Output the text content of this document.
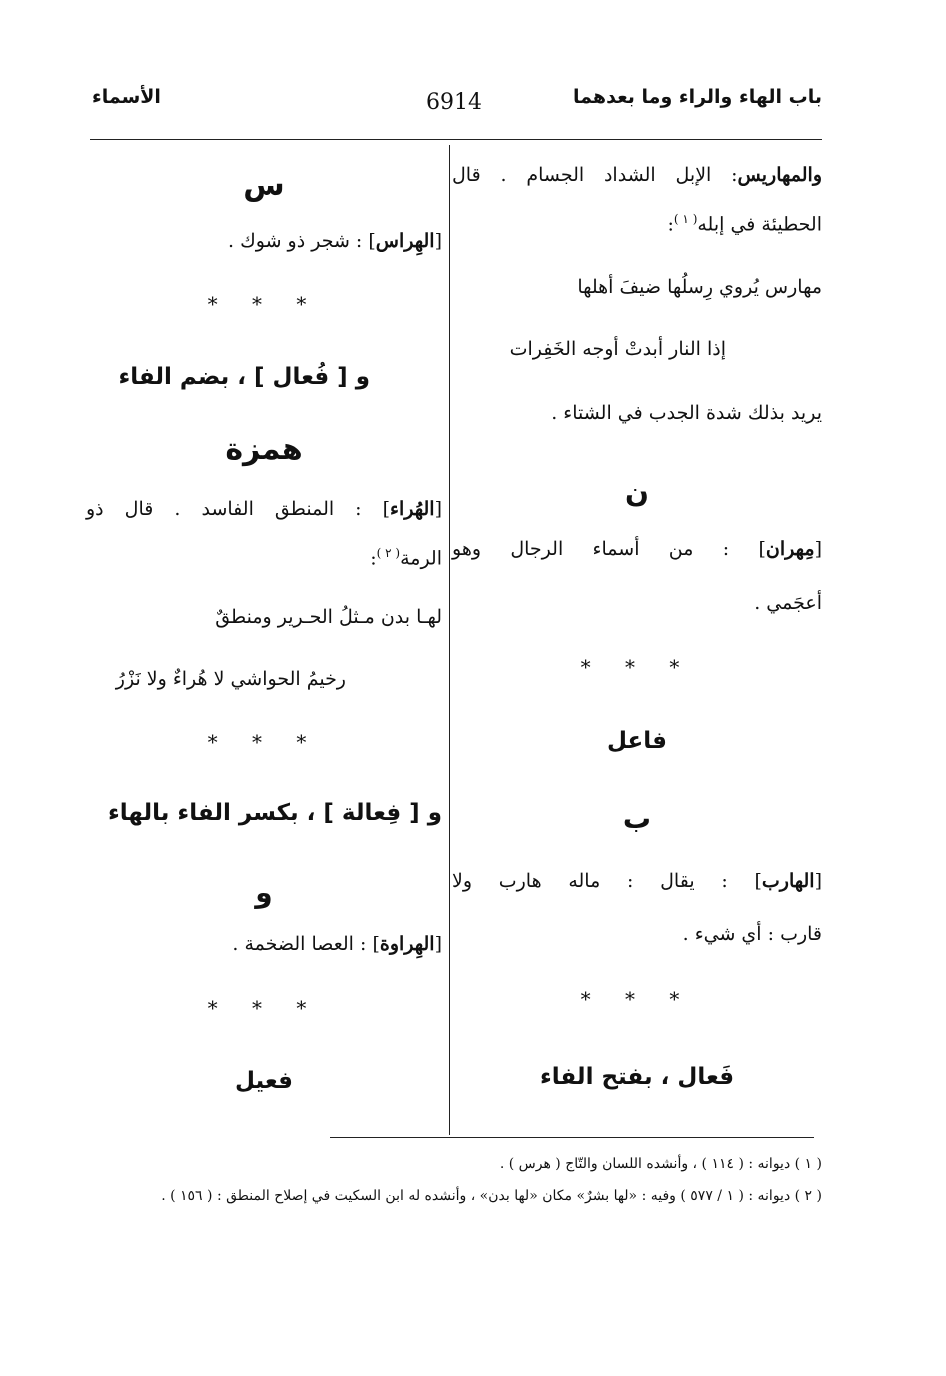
باب الهاء والراء وما بعدهما
6914
الأسماء
والمهاريس: الإبل الشداد الجسام . قال
الحطيئة في إبله$^{( ١ )}$:
مهارس يُروي رِسلُها ضيفَ أهلها
إذا النار أبدتْ أوجه الخَفِرات
يريد بذلك شدة الجدب في الشتاء .
ن
[مِهران] : من أسماء الرجال وهو
أعجَمي .
* * *
فاعل
ب
[الهارب] : يقال : ماله هارب ولا
قارب : أي شيء .
* * *
فَعال ، بفتح الفاء
س
[الهِراس] : شجر ذو شوك .
* * *
و [ فُعال ] ، بضم الفاء
همزة
[الهُراء] : المنطق الفاسد . قال ذو
الرمة$^{( ٢ )}$:
لهـا بدن مـثلُ الحـرير ومنطقٌ
رخيمُ الحواشي لا هُراءٌ ولا نَزْرُ
* * *
و [ فِعالة ] ، بكسر الفاء بالهاء
و
[الهِراوة] : العصا الضخمة .
* * *
فعيل
( ١ ) ديوانه : ( ١١٤ ) ، وأنشده اللسان والتّاج ( هرس ) .
( ٢ ) ديوانه : ( ١ / ٥٧٧ ) وفيه : «لها بشرٌ» مكان «لها بدن» ، وأنشده له ابن السكيت في إصلاح المنطق : ( ١٥٦ ) .
